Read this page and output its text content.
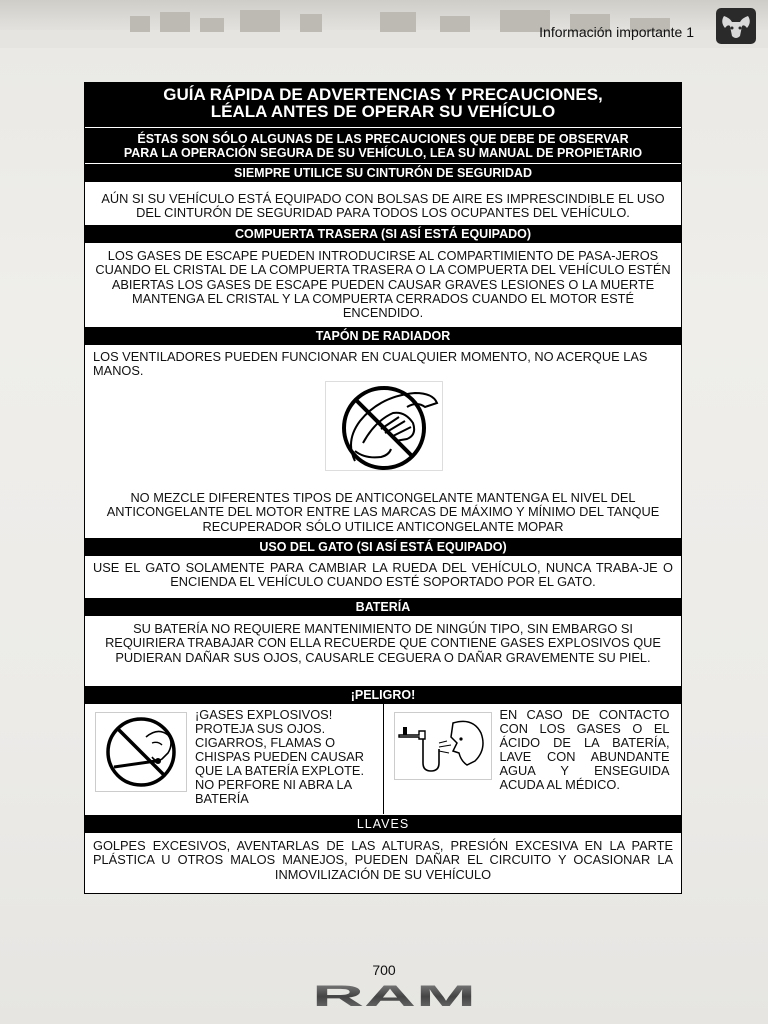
Información importante 1
GUÍA RÁPIDA DE ADVERTENCIAS Y PRECAUCIONES,
LÉALA ANTES DE OPERAR SU VEHÍCULO
ÉSTAS SON SÓLO ALGUNAS DE LAS PRECAUCIONES QUE DEBE DE OBSERVAR
PARA LA OPERACIÓN SEGURA DE SU VEHÍCULO, LEA SU MANUAL DE PROPIETARIO
SIEMPRE UTILICE SU CINTURÓN DE SEGURIDAD
AÚN SI SU VEHÍCULO ESTÁ EQUIPADO CON BOLSAS DE AIRE ES IMPRESCINDIBLE EL USO DEL CINTURÓN DE SEGURIDAD PARA TODOS LOS OCUPANTES DEL VEHÍCULO.
COMPUERTA TRASERA (SI ASÍ ESTÁ EQUIPADO)
LOS GASES DE ESCAPE PUEDEN INTRODUCIRSE AL COMPARTIMIENTO DE PASA-JEROS CUANDO EL CRISTAL DE LA COMPUERTA TRASERA O LA COMPUERTA DEL VEHÍCULO ESTÉN ABIERTAS LOS GASES DE ESCAPE PUEDEN CAUSAR GRAVES LESIONES O LA MUERTE MANTENGA EL CRISTAL Y LA COMPUERTA CERRADOS CUANDO EL MOTOR ESTÉ ENCENDIDO.
TAPÓN DE RADIADOR
LOS VENTILADORES PUEDEN FUNCIONAR EN CUALQUIER MOMENTO, NO ACERQUE LAS MANOS.
NO MEZCLE DIFERENTES TIPOS DE ANTICONGELANTE MANTENGA EL NIVEL DEL ANTICONGELANTE DEL MOTOR ENTRE LAS MARCAS DE MÁXIMO Y MÍNIMO DEL TANQUE RECUPERADOR SÓLO UTILICE ANTICONGELANTE MOPAR
USO DEL GATO (SI ASÍ ESTÁ EQUIPADO)
USE EL GATO SOLAMENTE PARA CAMBIAR LA RUEDA DEL VEHÍCULO, NUNCA TRABA-JE O ENCIENDA EL VEHÍCULO CUANDO ESTÉ SOPORTADO POR EL GATO.
BATERÍA
SU BATERÍA NO REQUIERE MANTENIMIENTO DE NINGÚN TIPO, SIN EMBARGO SI REQUIRIERA TRABAJAR CON ELLA RECUERDE QUE CONTIENE GASES EXPLOSIVOS QUE PUDIERAN DAÑAR SUS OJOS, CAUSARLE CEGUERA O DAÑAR GRAVEMENTE SU PIEL.
¡PELIGRO!
¡GASES EXPLOSIVOS! PROTEJA SUS OJOS. CIGARROS, FLAMAS O CHISPAS PUEDEN CAUSAR QUE LA BATERÍA EXPLOTE. NO PERFORE NI ABRA LA BATERÍA
EN CASO DE CONTACTO CON LOS GASES O EL ÁCIDO DE LA BATERÍA, LAVE CON ABUNDANTE AGUA Y ENSEGUIDA ACUDA AL MÉDICO.
LLAVES
GOLPES EXCESIVOS, AVENTARLAS DE LAS ALTURAS, PRESIÓN EXCESIVA EN LA PARTE PLÁSTICA U OTROS MALOS MANEJOS, PUEDEN DAÑAR EL CIRCUITO Y OCASIONAR LA INMOVILIZACIÓN DE SU VEHÍCULO
700
RAM
